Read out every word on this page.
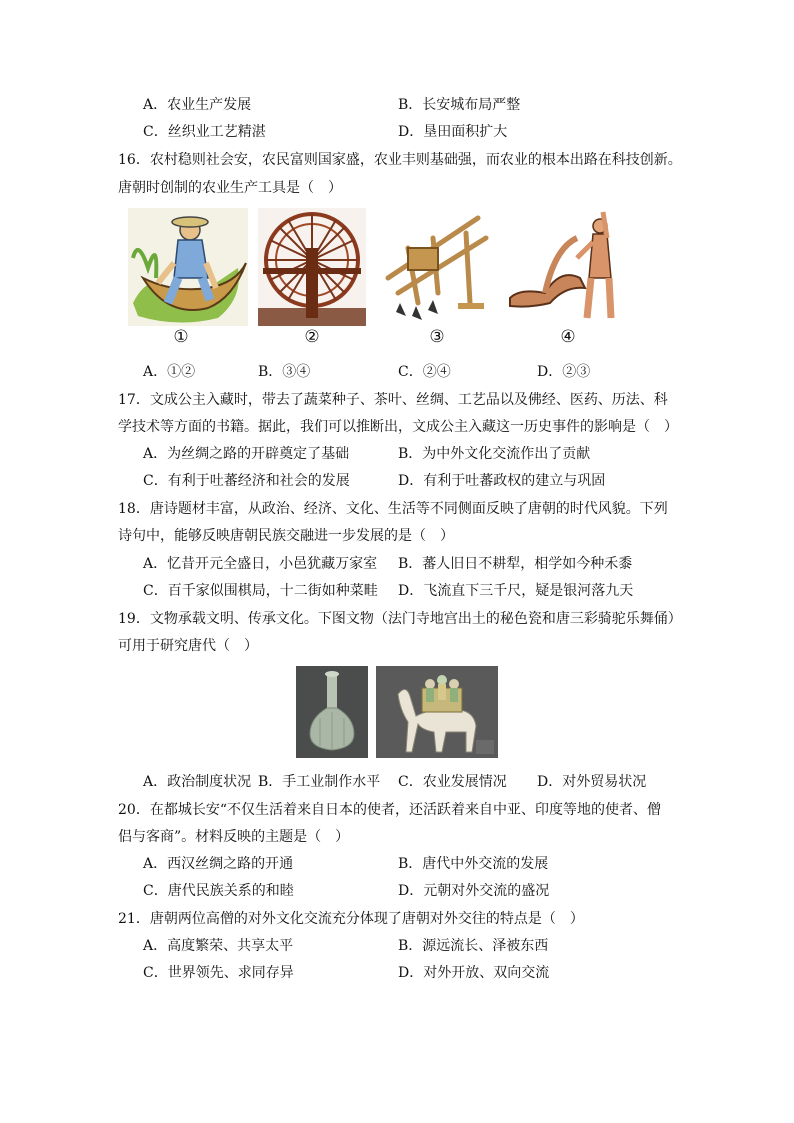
A．农业生产发展	B．长安城布局严整
C．丝织业工艺精湛	D．垦田面积扩大
16．农村稳则社会安，农民富则国家盛，农业丰则基础强，而农业的根本出路在科技创新。
唐朝时创制的农业生产工具是（　）
①	②	③	④
A．①②	B．③④	C．②④	D．②③
17．文成公主入藏时，带去了蔬菜种子、茶叶、丝绸、工艺品以及佛经、医药、历法、科
学技术等方面的书籍。据此，我们可以推断出，文成公主入藏这一历史事件的影响是（　）
A．为丝绸之路的开辟奠定了基础	B．为中外文化交流作出了贡献
C．有利于吐蕃经济和社会的发展	D．有利于吐蕃政权的建立与巩固
18．唐诗题材丰富，从政治、经济、文化、生活等不同侧面反映了唐朝的时代风貌。下列
诗句中，能够反映唐朝民族交融进一步发展的是（　）
A．忆昔开元全盛日，小邑犹藏万家室 B．蕃人旧日不耕犁，相学如今种禾黍
C．百千家似围棋局，十二街如种菜畦 D．飞流直下三千尺，疑是银河落九天
19．文物承载文明、传承文化。下图文物（法门寺地宫出土的秘色瓷和唐三彩骑驼乐舞俑）
可用于研究唐代（　）
A．政治制度状况 B．手工业制作水平 C．农业发展情况 D．对外贸易状况
20．在都城长安“不仅生活着来自日本的使者，还活跃着来自中亚、印度等地的使者、僧
侣与客商”。材料反映的主题是（　）
A．西汉丝绸之路的开通	B．唐代中外交流的发展
C．唐代民族关系的和睦	D．元朝对外交流的盛况
21．唐朝两位高僧的对外文化交流充分体现了唐朝对外交往的特点是（　）
A．高度繁荣、共享太平	B．源远流长、泽被东西
C．世界领先、求同存异	D．对外开放、双向交流
